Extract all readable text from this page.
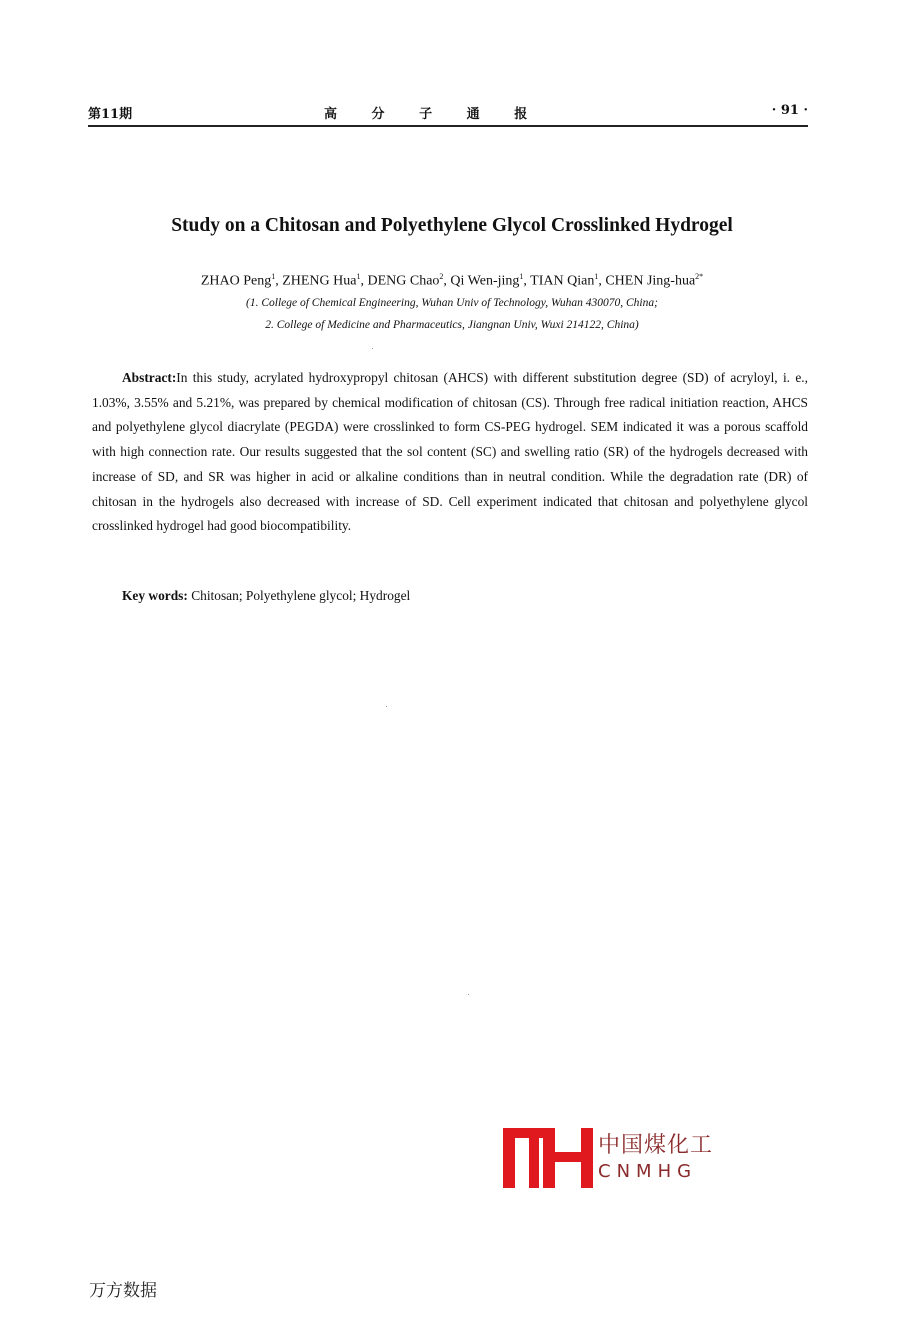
第11期	高	分	子	通	报	· 91 ·
Study on a Chitosan and Polyethylene Glycol Crosslinked Hydrogel
ZHAO Peng$^1$, ZHENG Hua$^1$, DENG Chao$^2$, Qi Wen-jing$^1$, TIAN Qian$^1$, CHEN Jing-hua$^{2*}$
(1. College of Chemical Engineering, Wuhan Univ of Technology, Wuhan 430070, China;
2. College of Medicine and Pharmaceutics, Jiangnan Univ, Wuxi 214122, China)

Abstract:In this study, acrylated hydroxypropyl chitosan (AHCS) with different substitution degree (SD) of acryloyl, i. e., 1.03%, 3.55% and 5.21%, was prepared by chemical modification of chitosan (CS). Through free radical initiation reaction, AHCS and polyethylene glycol diacrylate (PEGDA) were crosslinked to form CS-PEG hydrogel. SEM indicated it was a porous scaffold with high connection rate. Our results suggested that the sol content (SC) and swelling ratio (SR) of the hydrogels decreased with increase of SD, and SR was higher in acid or alkaline conditions than in neutral condition. While the degradation rate (DR) of chitosan in the hydrogels also decreased with increase of SD. Cell experiment indicated that chitosan and polyethylene glycol crosslinked hydrogel had good biocompatibility.

Key words: Chitosan; Polyethylene glycol; Hydrogel
中国煤化工
CNMHG
万方数据
